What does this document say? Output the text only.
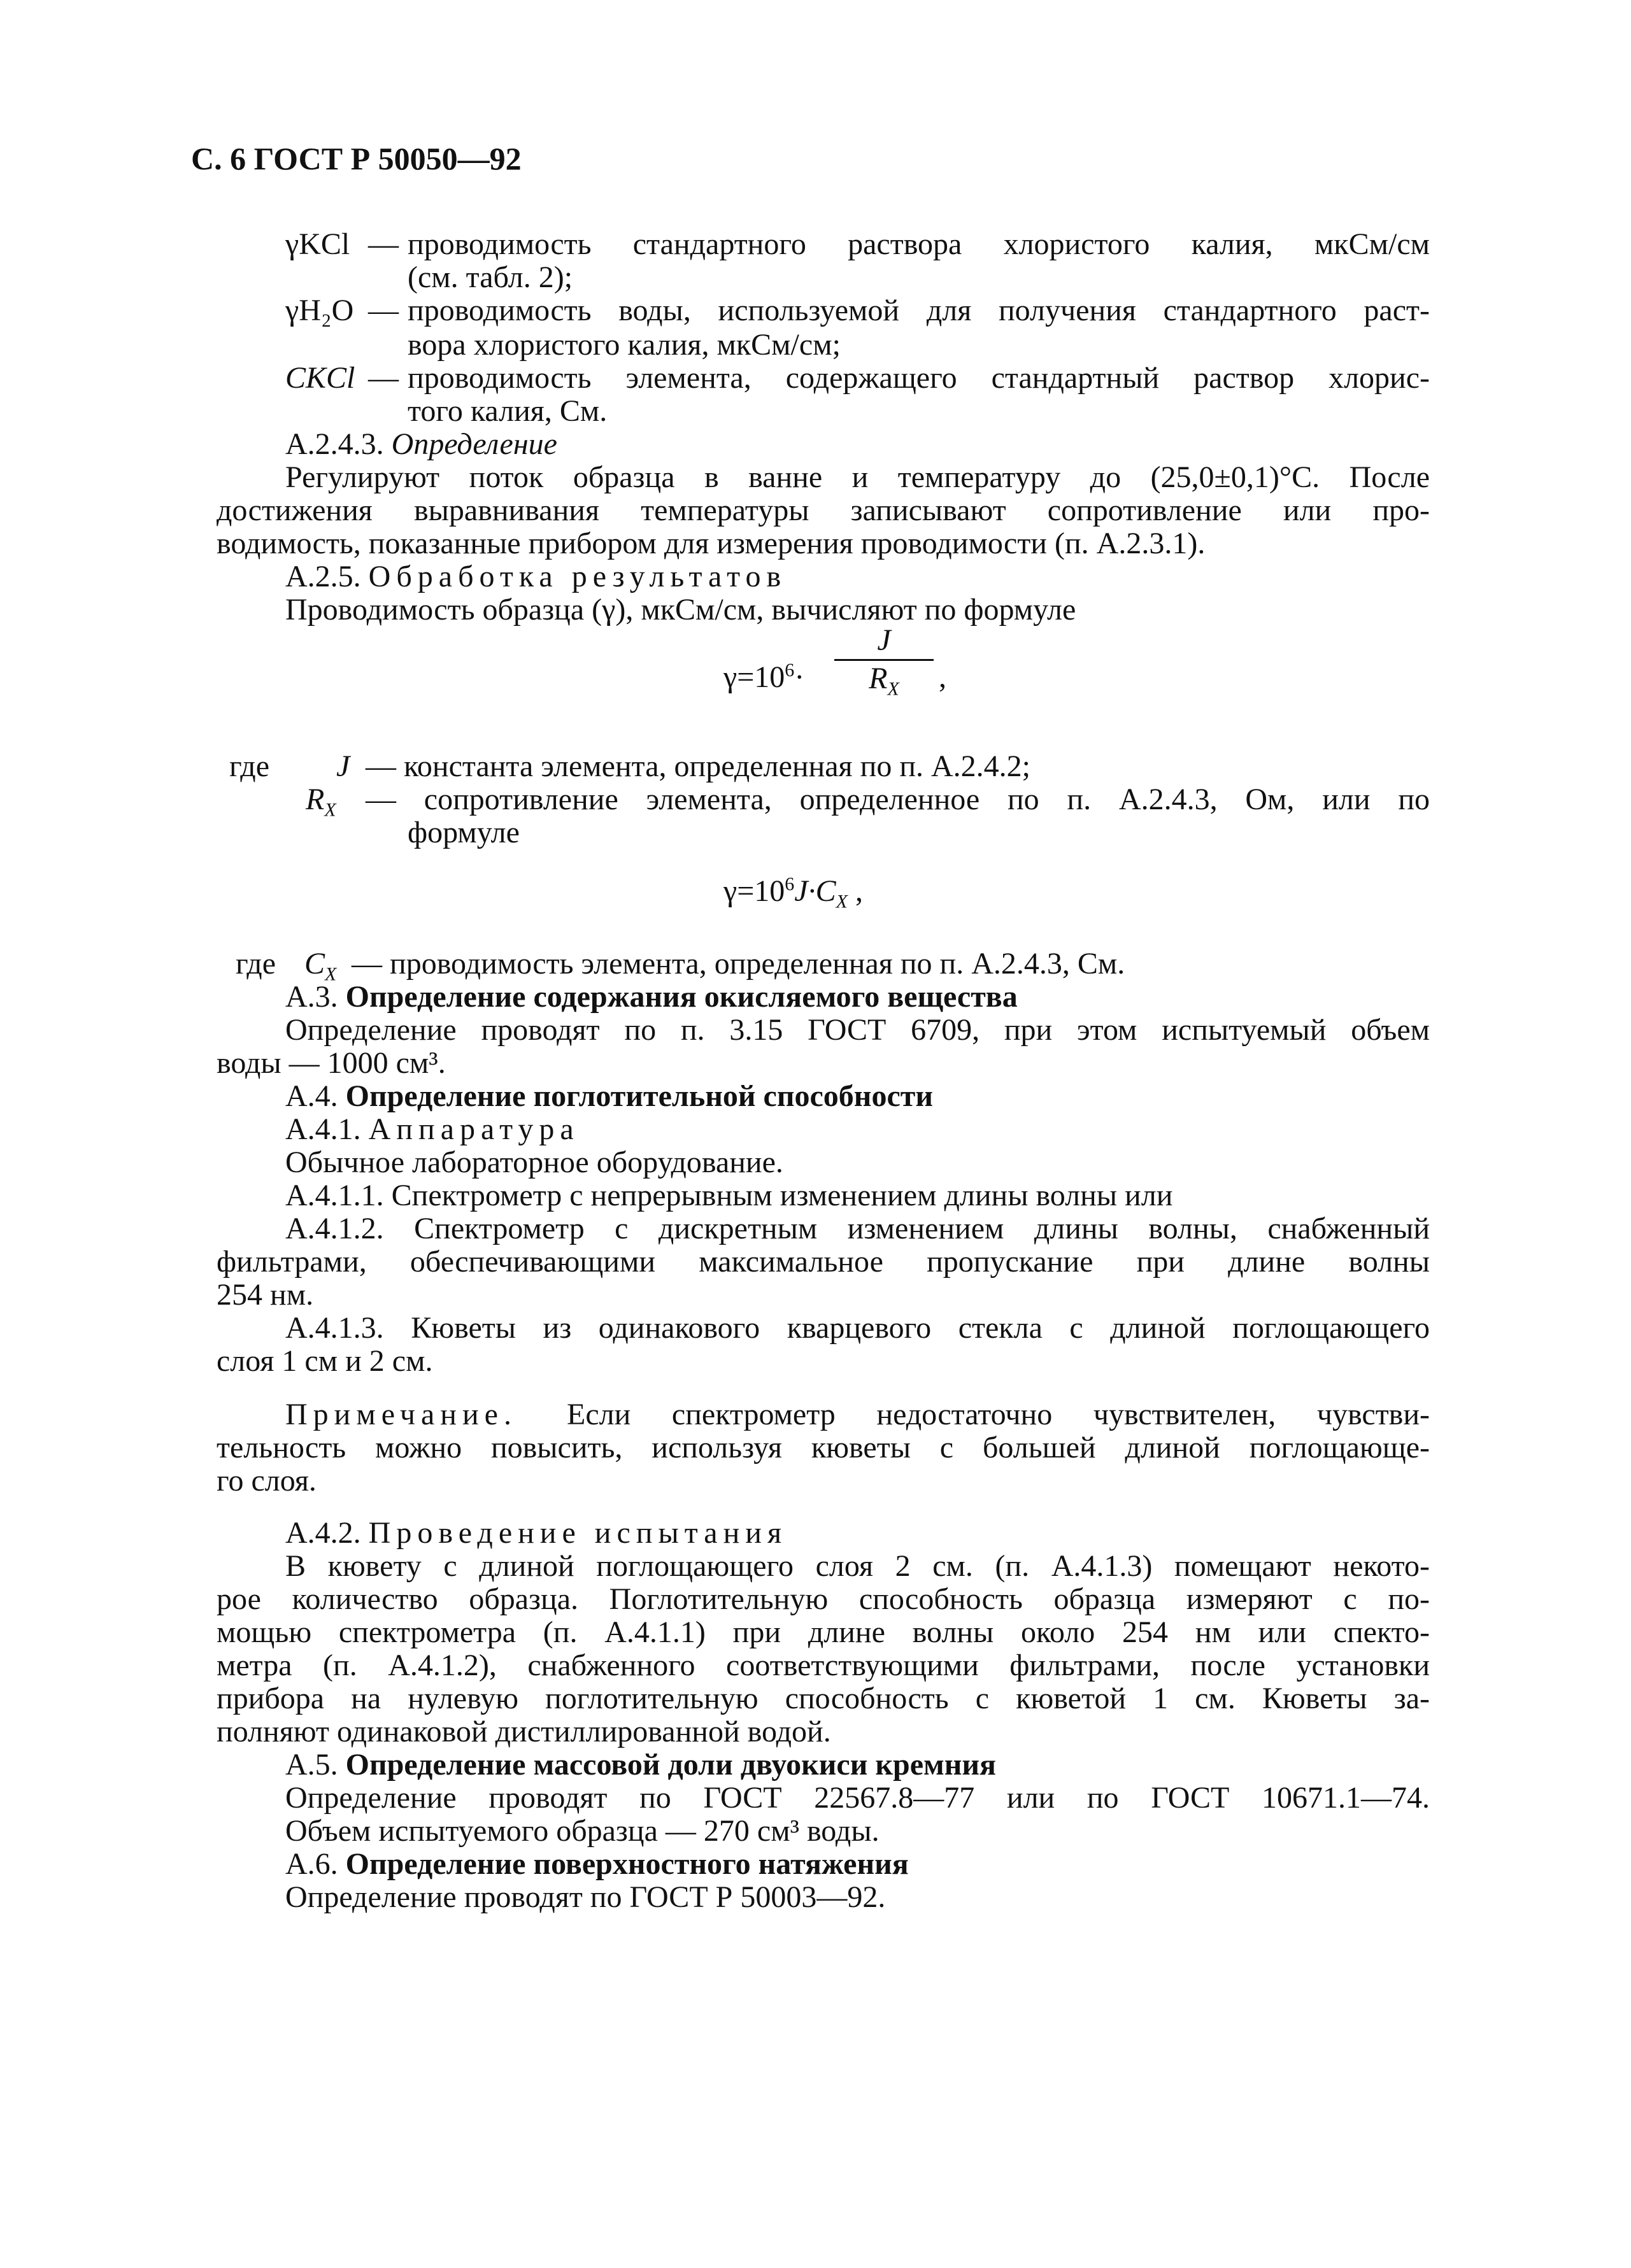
С. 6 ГОСТ Р 50050—92
γKCl — проводимость стандартного раствора хлористого калия, мкСм/см
(см. табл. 2);
γH₂O — проводимость воды, используемой для получения стандартного раст-
вора хлористого калия, мкСм/см;
CKCl — проводимость элемента, содержащего стандартный раствор хлорис-
того калия, См.
А.2.4.3. Определение
Регулируют поток образца в ванне и температуру до (25,0±0,1)°С. После
достижения выравнивания температуры записывают сопротивление или про-
водимость, показанные прибором для измерения проводимости (п. А.2.3.1).
А.2.5. Обработка результатов
Проводимость образца (γ), мкСм/см, вычисляют по формуле
$\gamma=10^6\cdot$
J
$R_X$ ,
где J — константа элемента, определенная по п. А.2.4.2;
$R_X$ — сопротивление элемента, определенное по п. А.2.4.3, Ом, или по
формуле
$\gamma=10^6J\cdot C_X$ ,
где $C_X$ — проводимость элемента, определенная по п. А.2.4.3, См.
А.3. Определение содержания окисляемого вещества
Определение проводят по п. 3.15 ГОСТ 6709, при этом испытуемый объем
воды — 1000 см³.
А.4. Определение поглотительной способности
А.4.1. Аппаратура
Обычное лабораторное оборудование.
А.4.1.1. Спектрометр с непрерывным изменением длины волны или
А.4.1.2. Спектрометр с дискретным изменением длины волны, снабженный
фильтрами, обеспечивающими максимальное пропускание при длине волны
254 нм.
А.4.1.3. Кюветы из одинакового кварцевого стекла с длиной поглощающего
слоя 1 см и 2 см.
Примечание. Если спектрометр недостаточно чувствителен, чувстви-
тельность можно повысить, используя кюветы с большей длиной поглощающе-
го слоя.
А.4.2. Проведение испытания
В кювету с длиной поглощающего слоя 2 см. (п. А.4.1.3) помещают некото-
рое количество образца. Поглотительную способность образца измеряют с по-
мощью спектрометра (п. А.4.1.1) при длине волны около 254 нм или спекто-
метра (п. А.4.1.2), снабженного соответствующими фильтрами, после установки
прибора на нулевую поглотительную способность с кюветой 1 см. Кюветы за-
полняют одинаковой дистиллированной водой.
А.5. Определение массовой доли двуокиси кремния
Определение проводят по ГОСТ 22567.8—77 или по ГОСТ 10671.1—74.
Объем испытуемого образца — 270 см³ воды.
А.6. Определение поверхностного натяжения
Определение проводят по ГОСТ Р 50003—92.
